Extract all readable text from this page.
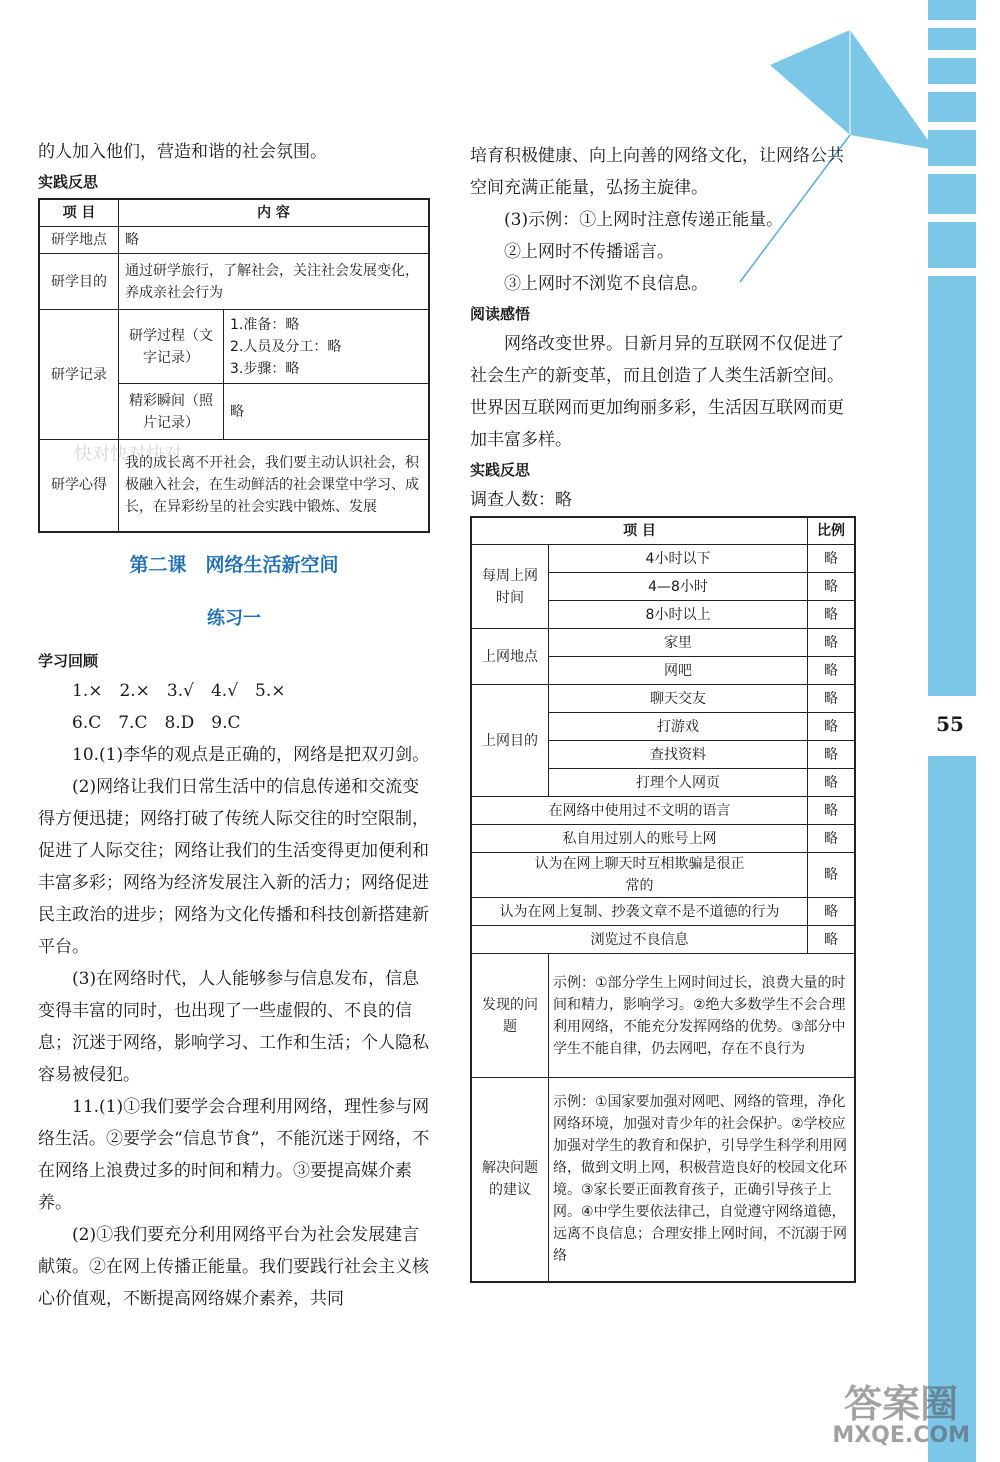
55

的人加入他们，营造和谐的社会氛围。

实践反思
项 目	内 容	
研学地点	略	
研学目的	通过研学旅行，了解社会，关注社会发展变化，养成亲社会行为	
研学记录	研学过程（文字记录）	1.准备：略
2.人员及分工：略
3.步骤：略

	精彩瞬间（照片记录）	略
研学心得	我的成长离不开社会，我们要主动认识社会，积极融入社会，在生动鲜活的社会课堂中学习、成长，在异彩纷呈的社会实践中锻炼、发展	
第二课　网络生活新空间
练习一
学习回顾

1.×　2.×　3.√　4.√　5.×

6.C　7.C　8.D　9.C

10.(1)李华的观点是正确的，网络是把双刃剑。

(2)网络让我们日常生活中的信息传递和交流变得方便迅捷；网络打破了传统人际交往的时空限制，促进了人际交往；网络让我们的生活变得更加便利和丰富多彩；网络为经济发展注入新的活力；网络促进民主政治的进步；网络为文化传播和科技创新搭建新平台。

(3)在网络时代，人人能够参与信息发布，信息变得丰富的同时，也出现了一些虚假的、不良的信息；沉迷于网络，影响学习、工作和生活；个人隐私容易被侵犯。

11.(1)①我们要学会合理利用网络，理性参与网络生活。②要学会“信息节食”，不能沉迷于网络，不在网络上浪费过多的时间和精力。③要提高媒介素养。

(2)①我们要充分利用网络平台为社会发展建言献策。②在网上传播正能量。我们要践行社会主义核心价值观，不断提高网络媒介素养，共同

培育积极健康、向上向善的网络文化，让网络公共空间充满正能量，弘扬主旋律。

(3)示例：①上网时注意传递正能量。

②上网时不传播谣言。

③上网时不浏览不良信息。

阅读感悟

网络改变世界。日新月异的互联网不仅促进了社会生产的新变革，而且创造了人类生活新空间。世界因互联网而更加绚丽多彩，生活因互联网而更加丰富多样。

实践反思

调查人数：略

项 目		比例
每周上网时间	4小时以下	略
	4—8小时	略
	8小时以上	略
上网地点	家里	略
	网吧	略
上网目的	聊天交友	略
	打游戏	略
	查找资料	略
	打理个人网页	略
在网络中使用过不文明的语言		略
私自用过别人的账号上网		略
认为在网上聊天时互相欺骗是很正常的		略
认为在网上复制、抄袭文章不是不道德的行为		略
浏览过不良信息		略
发现的问题	示例：①部分学生上网时间过长，浪费大量的时间和精力，影响学习。②绝大多数学生不会合理利用网络，不能充分发挥网络的优势。③部分中学生不能自律，仍去网吧，存在不良行为	
解决问题的建议	示例：①国家要加强对网吧、网络的管理，净化网络环境，加强对青少年的社会保护。②学校应加强对学生的教育和保护，引导学生科学利用网络，做到文明上网，积极营造良好的校园文化环境。③家长要正面教育孩子，正确引导孩子上网。④中学生要依法律己，自觉遵守网络道德，远离不良信息；合理安排上网时间，不沉溺于网络	
快对快对快对
答案圈
MXQE.COM
